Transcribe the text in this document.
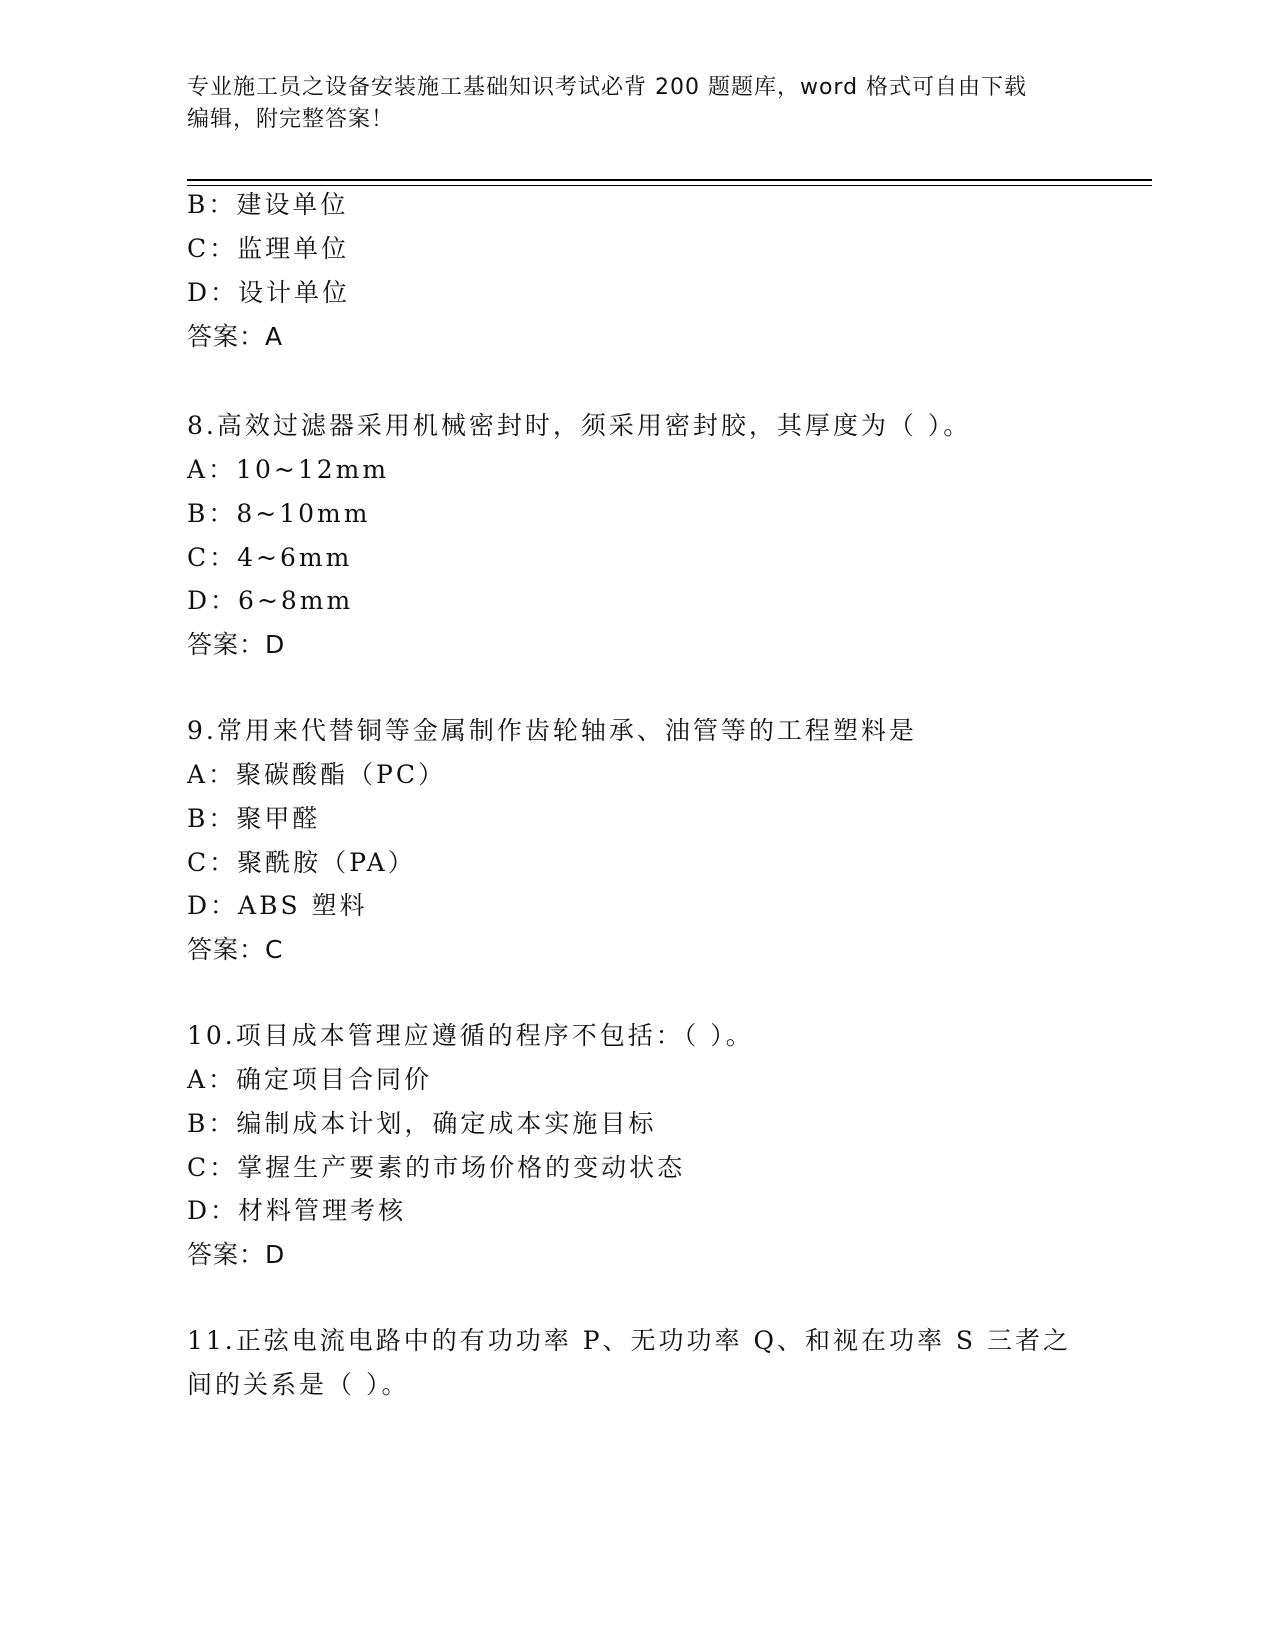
专业施工员之设备安装施工基础知识考试必背 200 题题库，word 格式可自由下载
编辑，附完整答案！
B：建设单位
C：监理单位
D：设计单位
答案：A
8.高效过滤器采用机械密封时，须采用密封胶，其厚度为（ ）。
A：10~12mm
B：8~10mm
C：4~6mm
D：6~8mm
答案：D
9.常用来代替铜等金属制作齿轮轴承、油管等的工程塑料是
A：聚碳酸酯（PC）
B：聚甲醛
C：聚酰胺（PA）
D：ABS 塑料
答案：C
10.项目成本管理应遵循的程序不包括：（ ）。
A：确定项目合同价
B：编制成本计划，确定成本实施目标
C：掌握生产要素的市场价格的变动状态
D：材料管理考核
答案：D
11.正弦电流电路中的有功功率 P、无功功率 Q、和视在功率 S 三者之
间的关系是（ ）。
